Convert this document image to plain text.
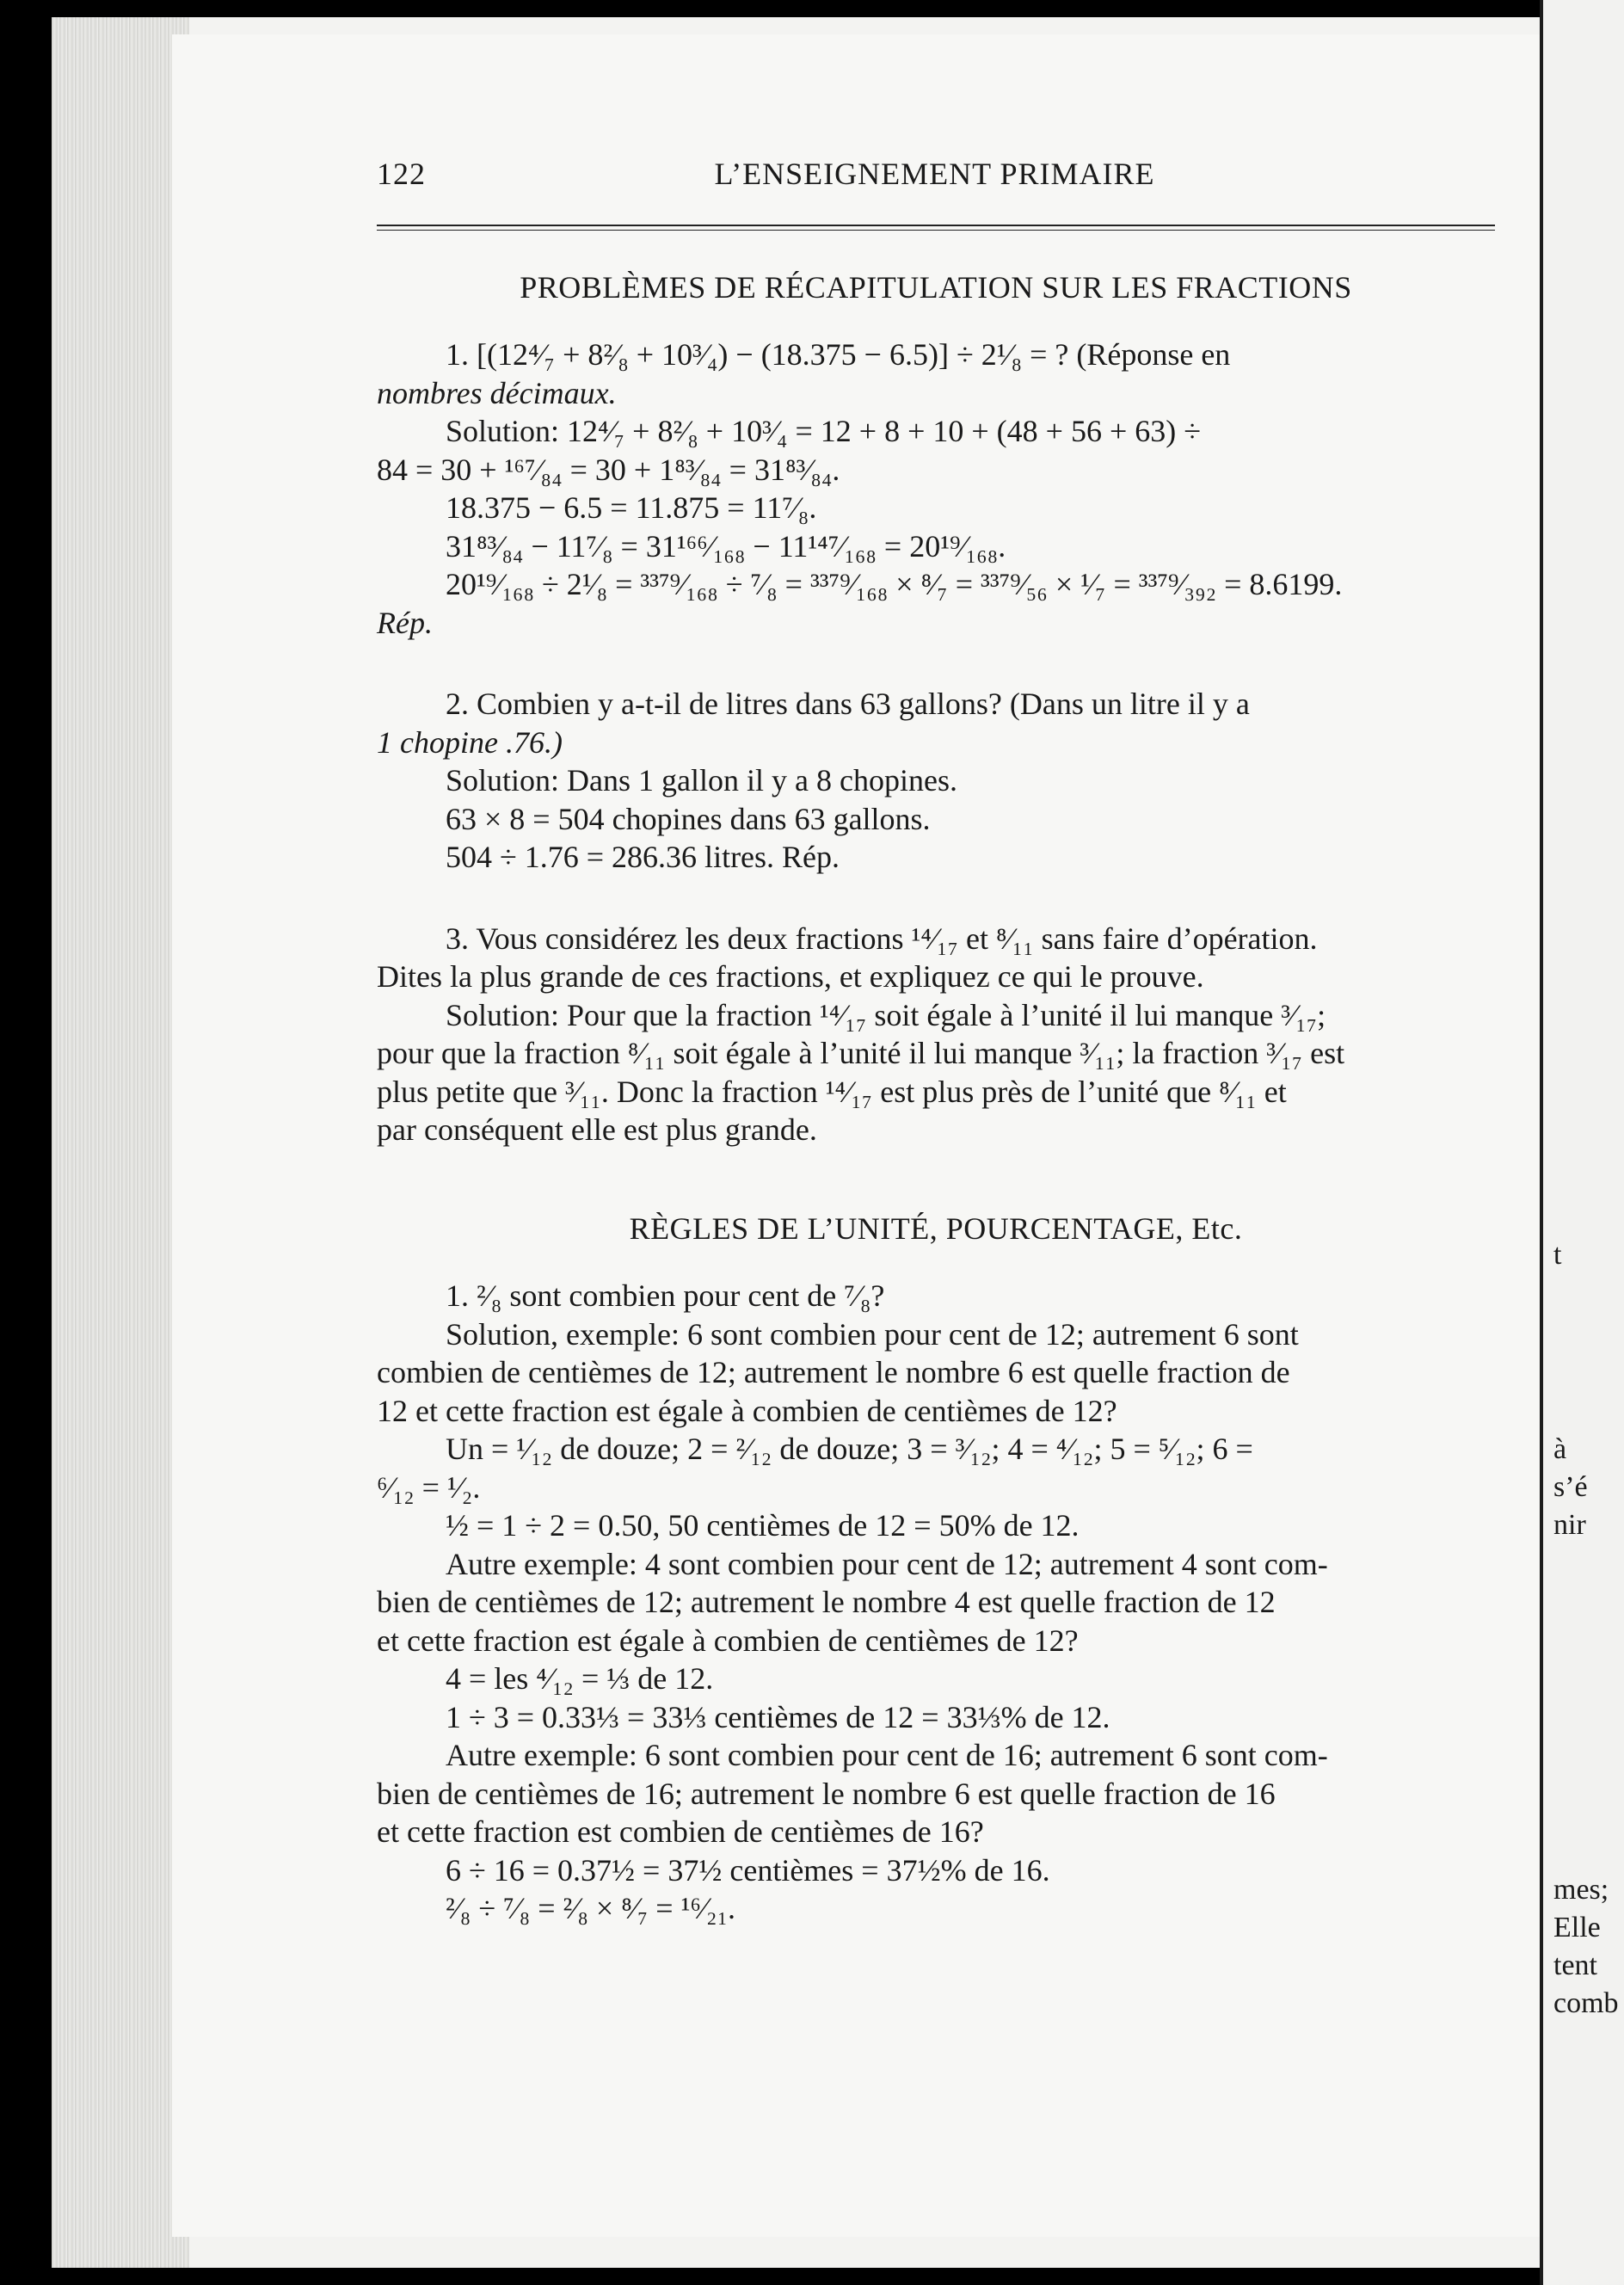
t
à
s’é
nir
mes;
Elle
tent
comb
122	L’ENSEIGNEMENT PRIMAIRE
PROBLÈMES DE RÉCAPITULATION SUR LES FRACTIONS
1. [(12⁴⁄₇ + 8²⁄₈ + 10³⁄₄) − (18.375 − 6.5)] ÷ 2¹⁄₈ = ? (Réponse en
nombres décimaux.
Solution: 12⁴⁄₇ + 8²⁄₈ + 10³⁄₄ = 12 + 8 + 10 + (48 + 56 + 63) ÷
84 = 30 + ¹⁶⁷⁄₈₄ = 30 + 1⁸³⁄₈₄ = 31⁸³⁄₈₄.
18.375 − 6.5 = 11.875 = 11⁷⁄₈.
31⁸³⁄₈₄ − 11⁷⁄₈ = 31¹⁶⁶⁄₁₆₈ − 11¹⁴⁷⁄₁₆₈ = 20¹⁹⁄₁₆₈.
20¹⁹⁄₁₆₈ ÷ 2¹⁄₈ = ³³⁷⁹⁄₁₆₈ ÷ ⁷⁄₈ = ³³⁷⁹⁄₁₆₈ × ⁸⁄₇ = ³³⁷⁹⁄₅₆ × ¹⁄₇ = ³³⁷⁹⁄₃₉₂ = 8.6199.
Rép.
2. Combien y a-t-il de litres dans 63 gallons? (Dans un litre il y a
1 chopine .76.)
Solution: Dans 1 gallon il y a 8 chopines.
63 × 8 = 504 chopines dans 63 gallons.
504 ÷ 1.76 = 286.36 litres. Rép.
3. Vous considérez les deux fractions ¹⁴⁄₁₇ et ⁸⁄₁₁ sans faire d’opération.
Dites la plus grande de ces fractions, et expliquez ce qui le prouve.
Solution: Pour que la fraction ¹⁴⁄₁₇ soit égale à l’unité il lui manque ³⁄₁₇;
pour que la fraction ⁸⁄₁₁ soit égale à l’unité il lui manque ³⁄₁₁; la fraction ³⁄₁₇ est
plus petite que ³⁄₁₁. Donc la fraction ¹⁴⁄₁₇ est plus près de l’unité que ⁸⁄₁₁ et
par conséquent elle est plus grande.
RÈGLES DE L’UNITÉ, POURCENTAGE, Etc.
1. ²⁄₈ sont combien pour cent de ⁷⁄₈?
Solution, exemple: 6 sont combien pour cent de 12; autrement 6 sont
combien de centièmes de 12; autrement le nombre 6 est quelle fraction de
12 et cette fraction est égale à combien de centièmes de 12?
Un = ¹⁄₁₂ de douze; 2 = ²⁄₁₂ de douze; 3 = ³⁄₁₂; 4 = ⁴⁄₁₂; 5 = ⁵⁄₁₂; 6 =
⁶⁄₁₂ = ¹⁄₂.
½ = 1 ÷ 2 = 0.50, 50 centièmes de 12 = 50% de 12.
Autre exemple: 4 sont combien pour cent de 12; autrement 4 sont com-
bien de centièmes de 12; autrement le nombre 4 est quelle fraction de 12
et cette fraction est égale à combien de centièmes de 12?
4 = les ⁴⁄₁₂ = ⅓ de 12.
1 ÷ 3 = 0.33⅓ = 33⅓ centièmes de 12 = 33⅓% de 12.
Autre exemple: 6 sont combien pour cent de 16; autrement 6 sont com-
bien de centièmes de 16; autrement le nombre 6 est quelle fraction de 16
et cette fraction est combien de centièmes de 16?
6 ÷ 16 = 0.37½ = 37½ centièmes = 37½% de 16.
²⁄₈ ÷ ⁷⁄₈ = ²⁄₈ × ⁸⁄₇ = ¹⁶⁄₂₁.
